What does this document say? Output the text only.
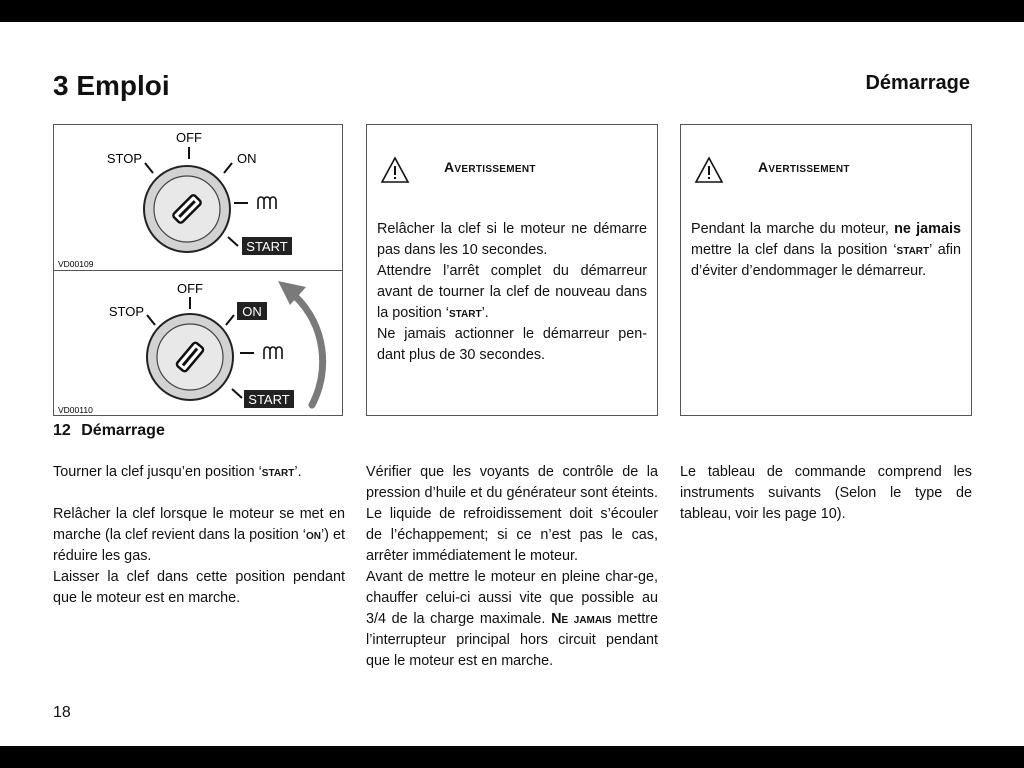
3 Emploi	Démarrage
OFF
STOP	ON
START
VD00109
OFF
STOP	ON
START
VD00110
12 Démarrage
Avertissement
Relâcher la clef si le moteur ne démarre pas dans les 10 secondes.
Attendre l’arrêt complet du démarreur avant de tourner la clef de nouveau dans la position ‘start’.
Ne jamais actionner le démarreur pen-dant plus de 30 secondes.
Avertissement
Pendant la marche du moteur, ne jamais mettre la clef dans la position ‘start’ afin d’éviter d’endommager le démarreur.

Tourner la clef jusqu’en position ‘start’.

Relâcher la clef lorsque le moteur se met en marche (la clef revient dans la position ‘on’) et réduire les gas.

Laisser la clef dans cette position pendant que le moteur est en marche.

Vérifier que les voyants de contrôle de la pression d’huile et du générateur sont éteints. Le liquide de refroidissement doit s’écouler de l’échappement; si ce n’est pas le cas, arrêter immédiatement le moteur.

Avant de mettre le moteur en pleine char-ge, chauffer celui-ci aussi vite que possible au 3/4 de la charge maximale. Ne jamais mettre l’interrupteur principal hors circuit pendant que le moteur est en marche.

Le tableau de commande comprend les instruments suivants (Selon le type de tableau, voir les page 10).

18
